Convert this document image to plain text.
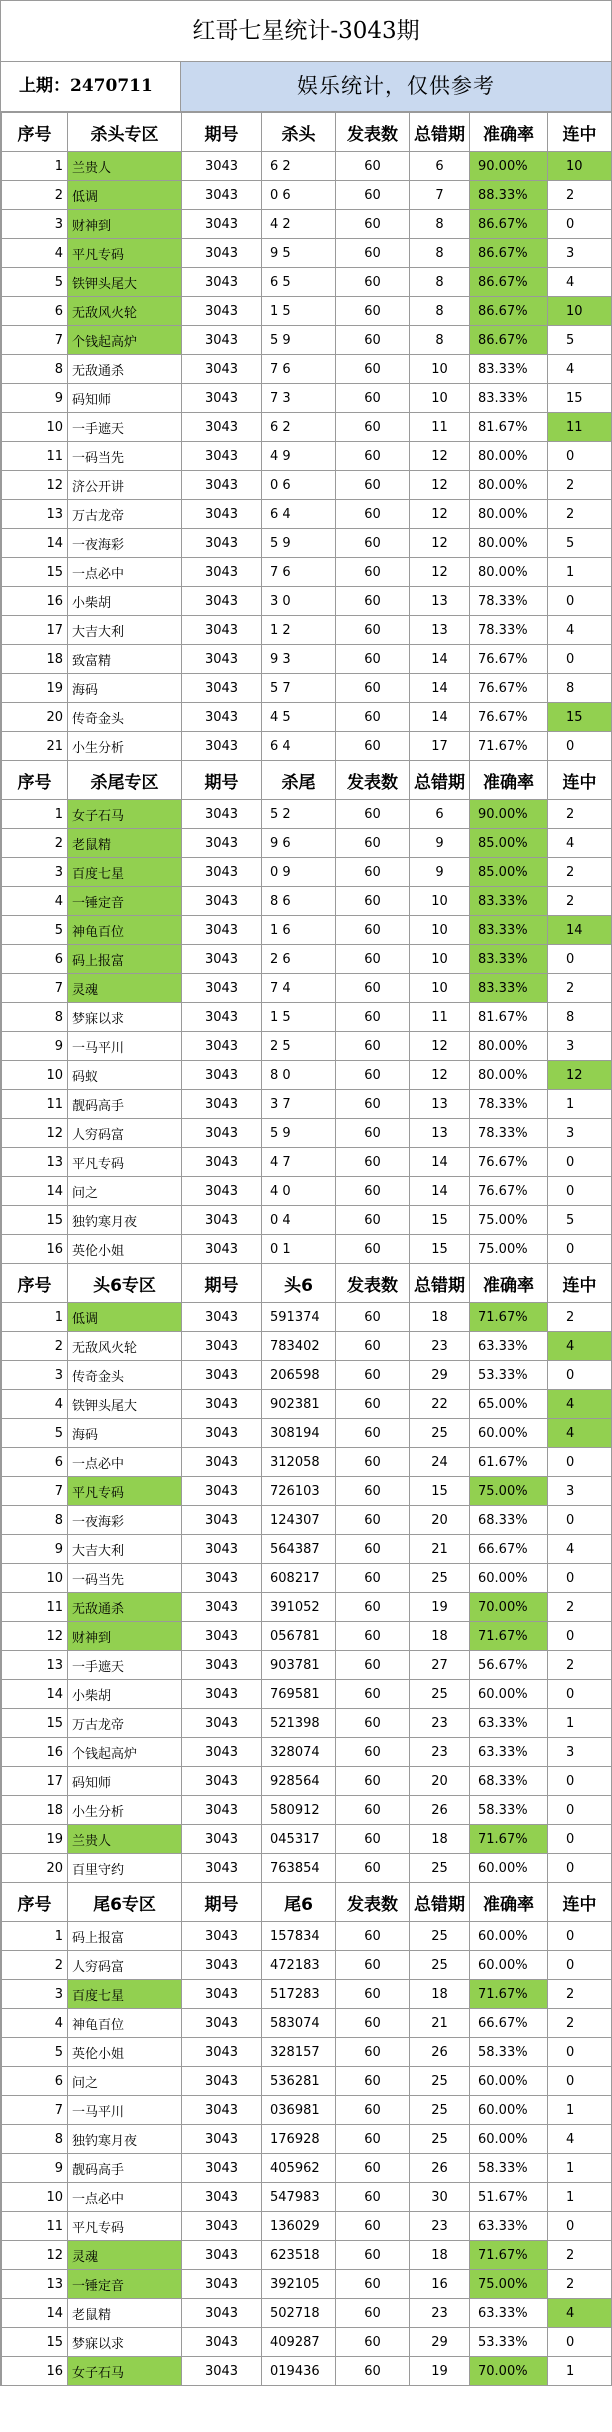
红哥七星统计-3043期
上期：2470711	娱乐统计，仅供参考
序号	杀头专区	期号	杀头	发表数	总错期	准确率	连中
1	兰贵人	3043	6 2	60	6	90.00%	10
2	低调	3043	0 6	60	7	88.33%	2
3	财神到	3043	4 2	60	8	86.67%	0
4	平凡专码	3043	9 5	60	8	86.67%	3
5	铁钾头尾大	3043	6 5	60	8	86.67%	4
6	无敌风火轮	3043	1 5	60	8	86.67%	10
7	个钱起高炉	3043	5 9	60	8	86.67%	5
8	无敌通杀	3043	7 6	60	10	83.33%	4
9	码知师	3043	7 3	60	10	83.33%	15
10	一手遮天	3043	6 2	60	11	81.67%	11
11	一码当先	3043	4 9	60	12	80.00%	0
12	济公开讲	3043	0 6	60	12	80.00%	2
13	万古龙帝	3043	6 4	60	12	80.00%	2
14	一夜海彩	3043	5 9	60	12	80.00%	5
15	一点必中	3043	7 6	60	12	80.00%	1
16	小柴胡	3043	3 0	60	13	78.33%	0
17	大吉大利	3043	1 2	60	13	78.33%	4
18	致富精	3043	9 3	60	14	76.67%	0
19	海码	3043	5 7	60	14	76.67%	8
20	传奇金头	3043	4 5	60	14	76.67%	15
21	小生分析	3043	6 4	60	17	71.67%	0
序号	杀尾专区	期号	杀尾	发表数	总错期	准确率	连中
1	女子石马	3043	5 2	60	6	90.00%	2
2	老鼠精	3043	9 6	60	9	85.00%	4
3	百度七星	3043	0 9	60	9	85.00%	2
4	一锤定音	3043	8 6	60	10	83.33%	2
5	神龟百位	3043	1 6	60	10	83.33%	14
6	码上报富	3043	2 6	60	10	83.33%	0
7	灵魂	3043	7 4	60	10	83.33%	2
8	梦寐以求	3043	1 5	60	11	81.67%	8
9	一马平川	3043	2 5	60	12	80.00%	3
10	码蚁	3043	8 0	60	12	80.00%	12
11	靓码高手	3043	3 7	60	13	78.33%	1
12	人穷码富	3043	5 9	60	13	78.33%	3
13	平凡专码	3043	4 7	60	14	76.67%	0
14	问之	3043	4 0	60	14	76.67%	0
15	独钓寒月夜	3043	0 4	60	15	75.00%	5
16	英伦小姐	3043	0 1	60	15	75.00%	0
序号	头6专区	期号	头6	发表数	总错期	准确率	连中
1	低调	3043	591374	60	18	71.67%	2
2	无敌风火轮	3043	783402	60	23	63.33%	4
3	传奇金头	3043	206598	60	29	53.33%	0
4	铁钾头尾大	3043	902381	60	22	65.00%	4
5	海码	3043	308194	60	25	60.00%	4
6	一点必中	3043	312058	60	24	61.67%	0
7	平凡专码	3043	726103	60	15	75.00%	3
8	一夜海彩	3043	124307	60	20	68.33%	0
9	大吉大利	3043	564387	60	21	66.67%	4
10	一码当先	3043	608217	60	25	60.00%	0
11	无敌通杀	3043	391052	60	19	70.00%	2
12	财神到	3043	056781	60	18	71.67%	0
13	一手遮天	3043	903781	60	27	56.67%	2
14	小柴胡	3043	769581	60	25	60.00%	0
15	万古龙帝	3043	521398	60	23	63.33%	1
16	个钱起高炉	3043	328074	60	23	63.33%	3
17	码知师	3043	928564	60	20	68.33%	0
18	小生分析	3043	580912	60	26	58.33%	0
19	兰贵人	3043	045317	60	18	71.67%	0
20	百里守约	3043	763854	60	25	60.00%	0
序号	尾6专区	期号	尾6	发表数	总错期	准确率	连中
1	码上报富	3043	157834	60	25	60.00%	0
2	人穷码富	3043	472183	60	25	60.00%	0
3	百度七星	3043	517283	60	18	71.67%	2
4	神龟百位	3043	583074	60	21	66.67%	2
5	英伦小姐	3043	328157	60	26	58.33%	0
6	问之	3043	536281	60	25	60.00%	0
7	一马平川	3043	036981	60	25	60.00%	1
8	独钓寒月夜	3043	176928	60	25	60.00%	4
9	靓码高手	3043	405962	60	26	58.33%	1
10	一点必中	3043	547983	60	30	51.67%	1
11	平凡专码	3043	136029	60	23	63.33%	0
12	灵魂	3043	623518	60	18	71.67%	2
13	一锤定音	3043	392105	60	16	75.00%	2
14	老鼠精	3043	502718	60	23	63.33%	4
15	梦寐以求	3043	409287	60	29	53.33%	0
16	女子石马	3043	019436	60	19	70.00%	1
